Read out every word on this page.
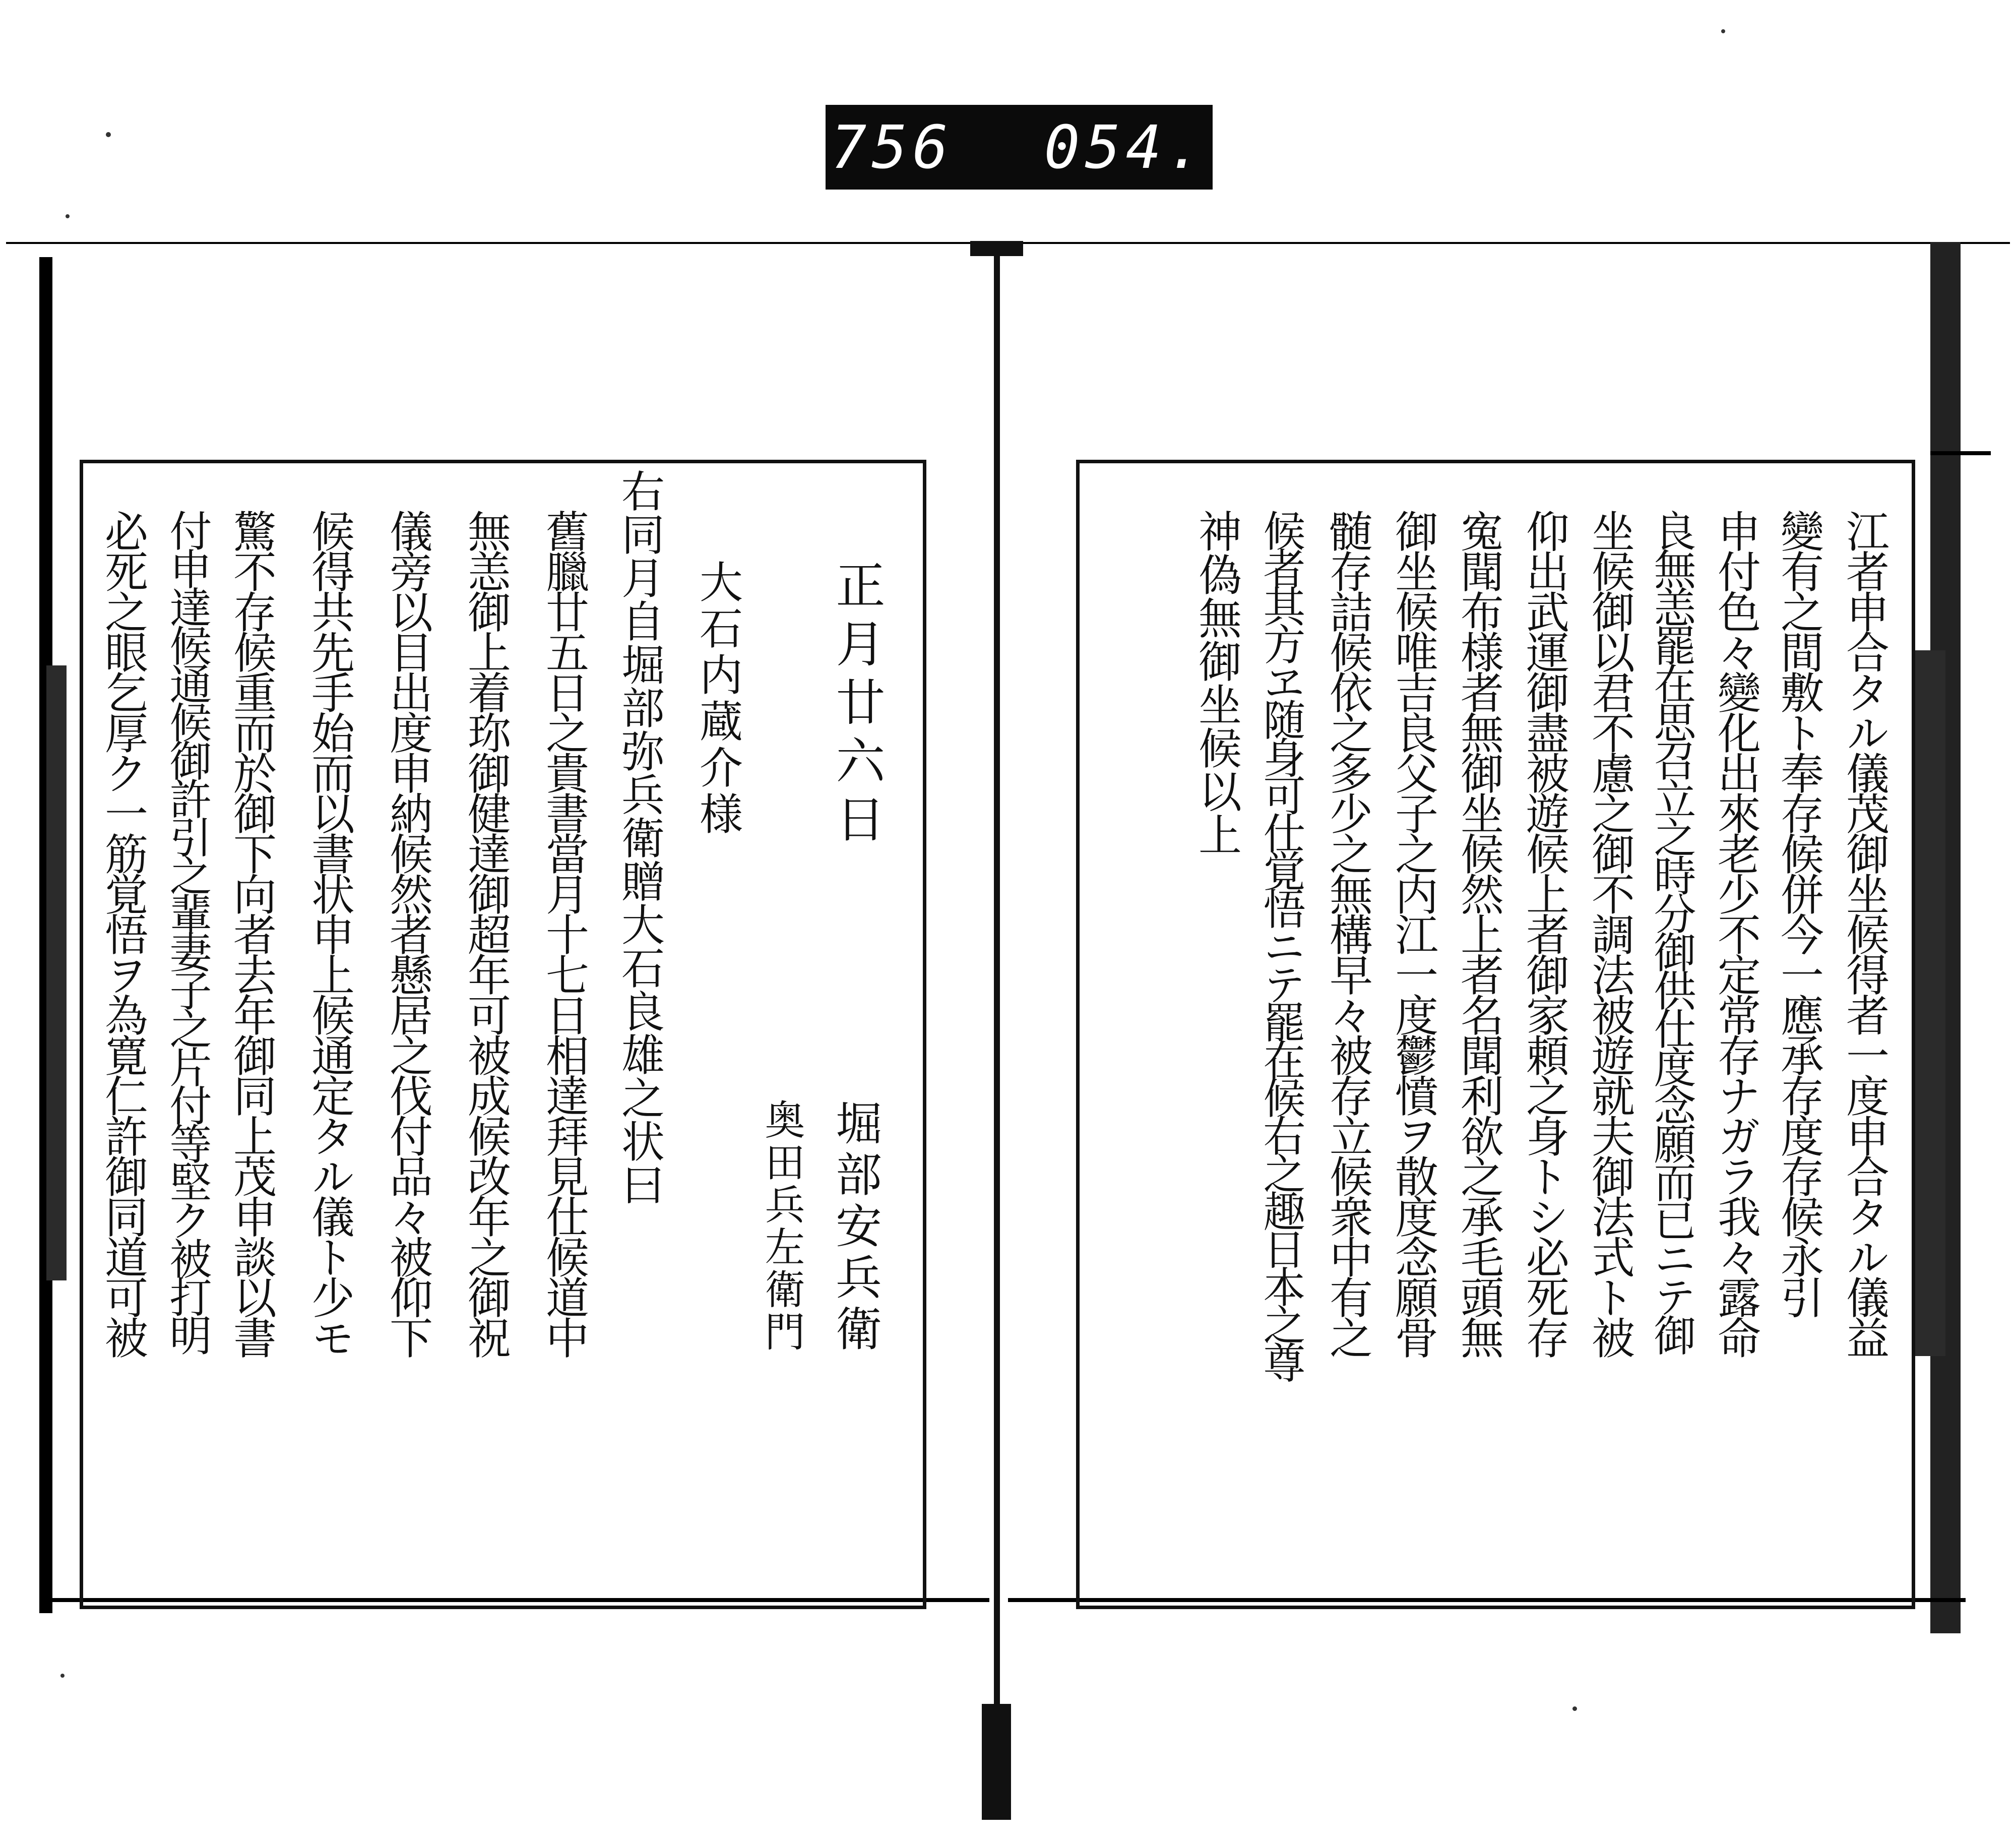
756 054.
正月廿六日
堀部安兵衛
奥田兵左衛門
大石内蔵介様
右同月自堀部弥兵衛贈大石良雄之状曰
舊臘廿五日之貴書當月十七日相達拜見仕候道中
無恙御上着珎御健達御超年可被成候改年之御祝
儀旁以目出度申納候然者懸居之伐付品々被仰下
候得共先手始而以書状申上候通定タル儀ト少モ
驚不存候重而於御下向者去年御同上茂申談以書
付申達候通候御許引之輩妻子之片付等堅ク被打明
必死之眼乞厚ク一筋覚悟ヲ為寛仁許御同道可被	江者申合タル儀茂御坐候得者一度申合タル儀益
變有之間敷ト奉存候併今一應承存度存候永引
申付色々變化出來老少不定常存ナガラ我々露命
良無恙罷在思召立之時分御供仕度念願而已ニテ御
坐候御以君不慮之御不調法被遊就夫御法式ト被
仰出武運御盡被遊候上者御家頼之身トシ必死存
寃聞布様者無御坐候然上者名聞利欲之承毛頭無
御坐候唯吉良父子之内江一度鬱憤ヲ散度念願骨
髄存詰候依之多少之無構早々被存立候衆中有之
候者其方ヱ随身可仕覚悟ニテ罷在候右之趣日本之尊
神偽無御坐候以上
